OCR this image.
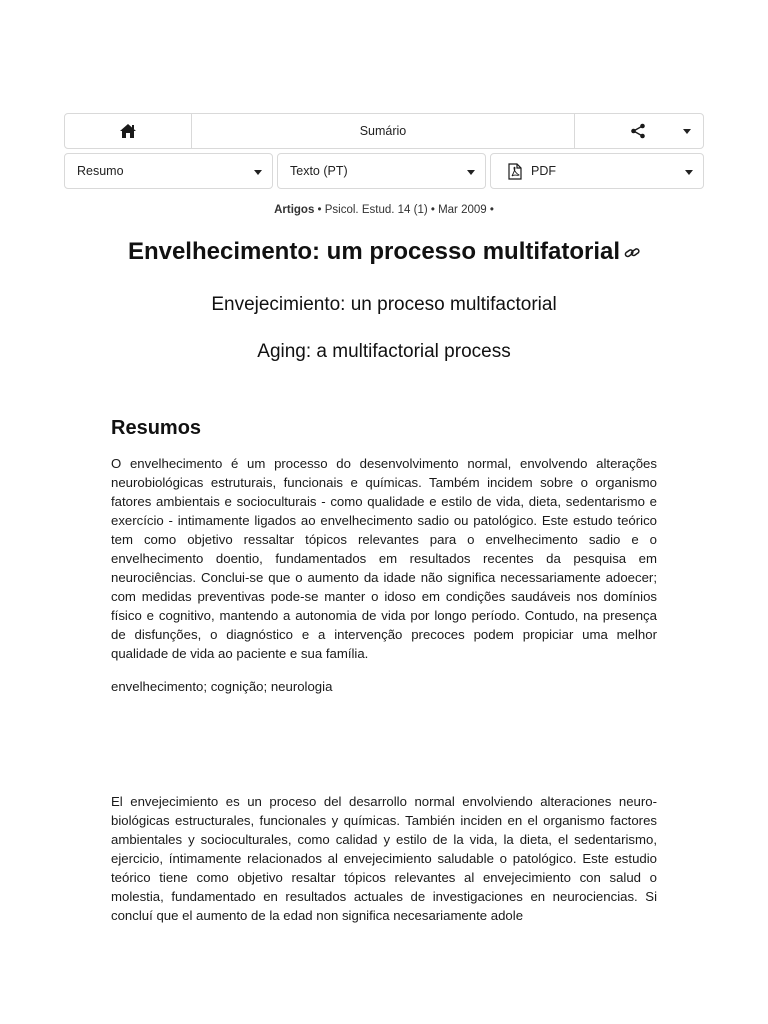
Sumário
Resumo	Texto (PT)	PDF
Artigos • Psicol. Estud. 14 (1) • Mar 2009 •
Envelhecimento: um processo multifatorial
Envejecimiento: un proceso multifactorial
Aging: a multifactorial process
Resumos

O envelhecimento é um processo do desenvolvimento normal, envolvendo alterações neurobiológicas estruturais, funcionais e químicas. Também incidem sobre o organismo fatores ambientais e socioculturais - como qualidade e estilo de vida, dieta, sedentarismo e exercício - intimamente ligados ao envelhecimento sadio ou patológico. Este estudo teórico tem como objetivo ressaltar tópicos relevantes para o envelhecimento sadio e o envelhecimento doentio, fundamentados em resultados recentes da pesquisa em neurociências. Conclui-se que o aumento da idade não significa necessariamente adoecer; com medidas preventivas pode-se manter o idoso em condições saudáveis nos domínios físico e cognitivo, mantendo a autonomia de vida por longo período. Contudo, na presença de disfunções, o diagnóstico e a intervenção precoces podem propiciar uma melhor qualidade de vida ao paciente e sua família.

envelhecimento; cognição; neurologia

El envejecimiento es un proceso del desarrollo normal envolviendo alteraciones neurobiológicas estructurales, funcionales y químicas. También inciden en el organismo factores ambientales y socioculturales, como calidad y estilo de la vida, la dieta, el sedentarismo, ejercicio, íntimamente relacionados al envejecimiento saludable o patológico. Este estudio teórico tiene como objetivo resaltar tópicos relevantes al envejecimiento con salud o molestia, fundamentado en resultados actuales de investigaciones en neurociencias. Si concluí que el aumento de la edad non significa necesariamente adole
